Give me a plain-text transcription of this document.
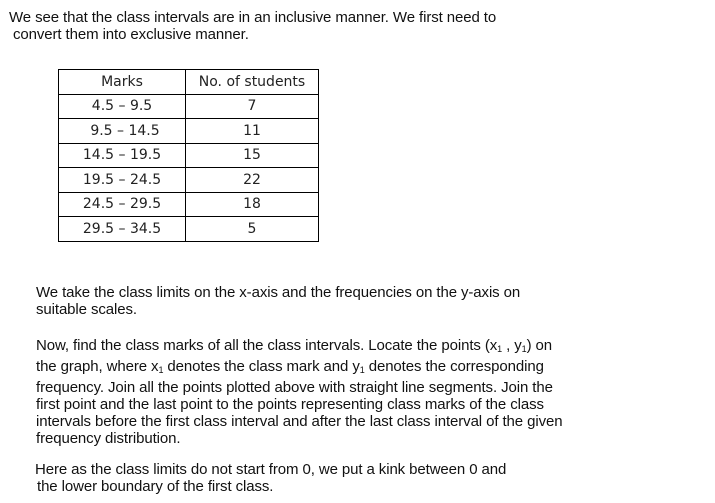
We see that the class intervals are in an inclusive manner. We first need to
convert them into exclusive manner.
Marks	No. of students
4.5 – 9.5	7
9.5 – 14.5	11
14.5 – 19.5	15
19.5 – 24.5	22
24.5 – 29.5	18
29.5 – 34.5	5
We take the class limits on the x-axis and the frequencies on the y-axis on
suitable scales.
Now, find the class marks of all the class intervals. Locate the points ($x_1$ , $y_1$) on
the graph, where $x_1$ denotes the class mark and $y_1$ denotes the corresponding
frequency. Join all the points plotted above with straight line segments. Join the
first point and the last point to the points representing class marks of the class
intervals before the first class interval and after the last class interval of the given
frequency distribution.
Here as the class limits do not start from 0, we put a kink between 0 and
the lower boundary of the first class.
